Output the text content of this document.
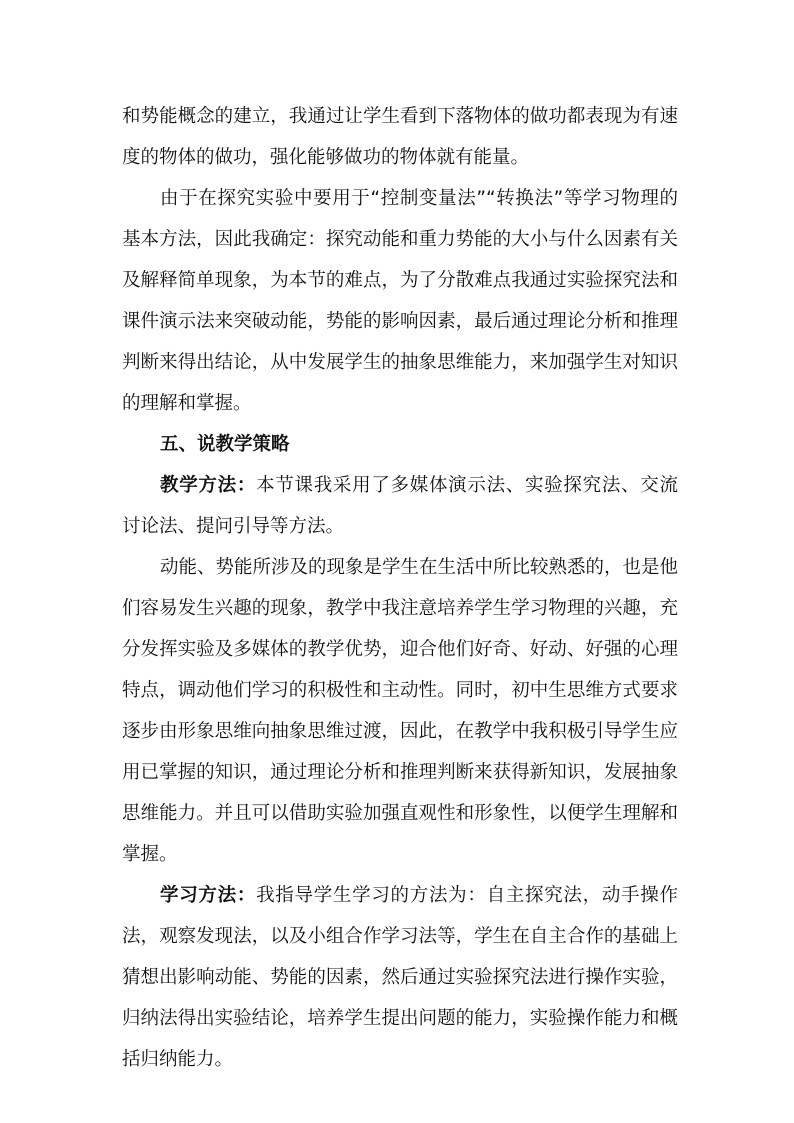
和势能概念的建立，我通过让学生看到下落物体的做功都表现为有速度的物体的做功，强化能够做功的物体就有能量。

由于在探究实验中要用于“控制变量法”“转换法”等学习物理的基本方法，因此我确定：探究动能和重力势能的大小与什么因素有关及解释简单现象，为本节的难点，为了分散难点我通过实验探究法和课件演示法来突破动能，势能的影响因素，最后通过理论分析和推理判断来得出结论，从中发展学生的抽象思维能力，来加强学生对知识的理解和掌握。

五、说教学策略

教学方法：本节课我采用了多媒体演示法、实验探究法、交流讨论法、提问引导等方法。

动能、势能所涉及的现象是学生在生活中所比较熟悉的，也是他们容易发生兴趣的现象，教学中我注意培养学生学习物理的兴趣，充分发挥实验及多媒体的教学优势，迎合他们好奇、好动、好强的心理特点，调动他们学习的积极性和主动性。同时，初中生思维方式要求逐步由形象思维向抽象思维过渡，因此，在教学中我积极引导学生应用已掌握的知识，通过理论分析和推理判断来获得新知识，发展抽象思维能力。并且可以借助实验加强直观性和形象性，以便学生理解和掌握。

学习方法：我指导学生学习的方法为：自主探究法，动手操作法，观察发现法，以及小组合作学习法等，学生在自主合作的基础上猜想出影响动能、势能的因素，然后通过实验探究法进行操作实验，归纳法得出实验结论，培养学生提出问题的能力，实验操作能力和概括归纳能力。
